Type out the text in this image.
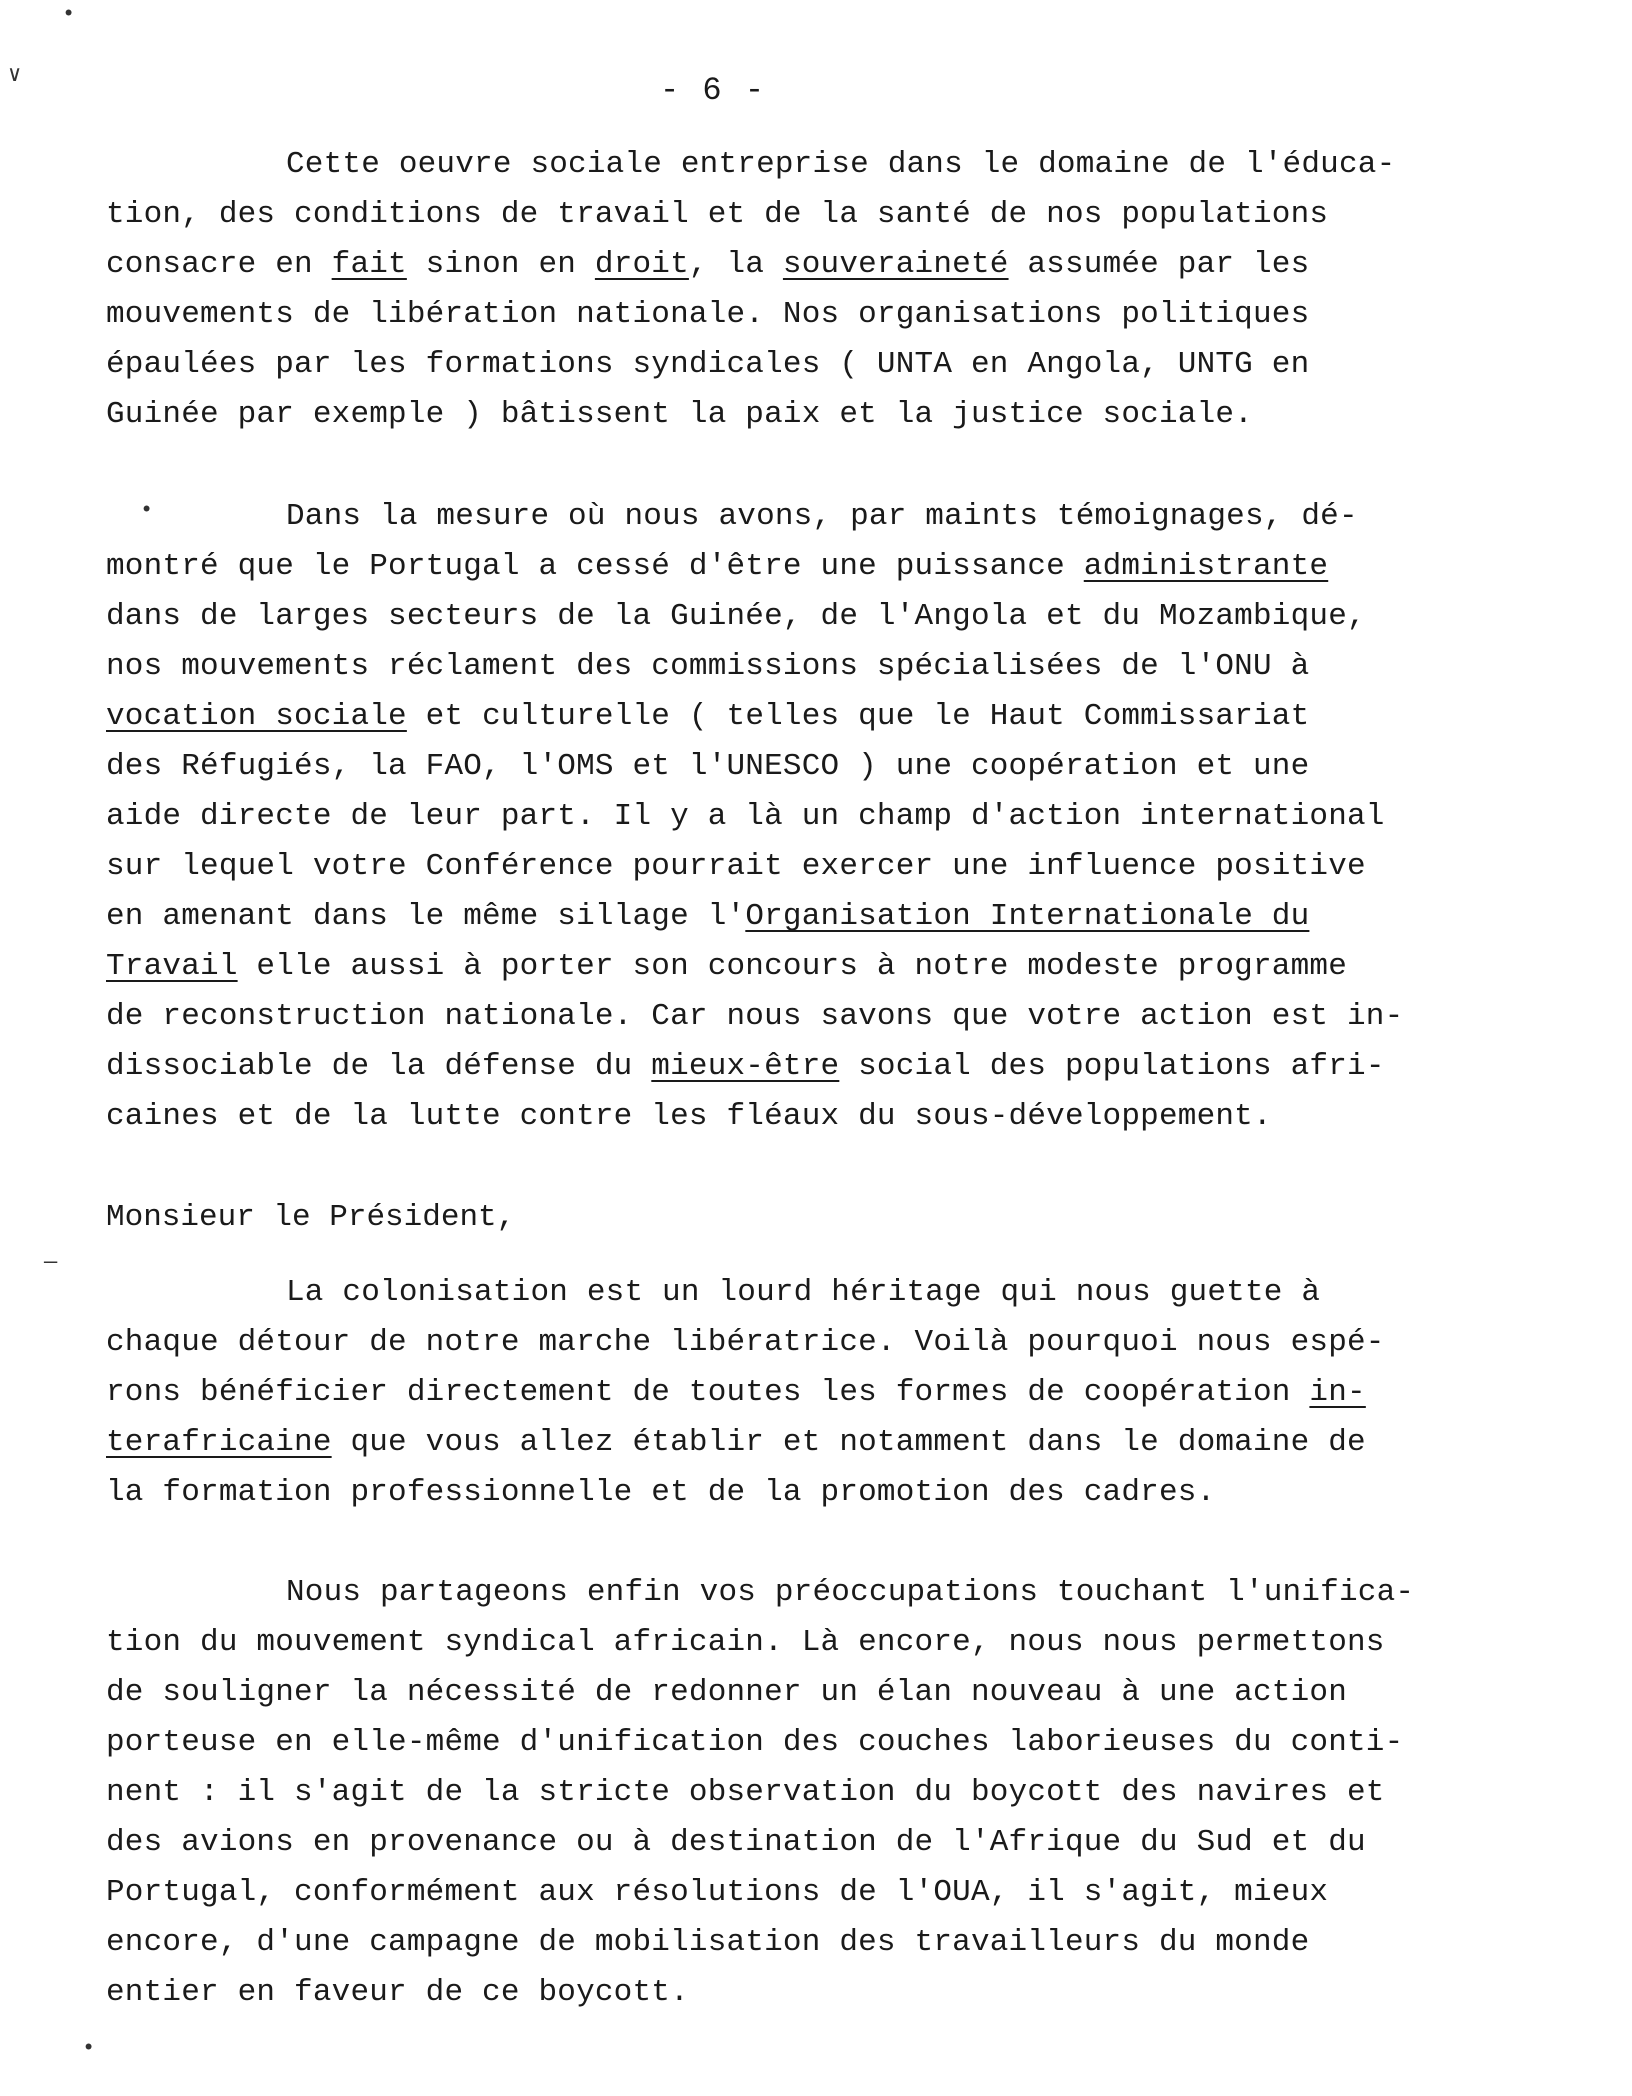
- 6 -
Cette oeuvre sociale entreprise dans le domaine de l'éduca-
tion, des conditions de travail et de la santé de nos populations
consacre en fait sinon en droit, la souveraineté assumée par les
mouvements de libération nationale. Nos organisations politiques
épaulées par les formations syndicales ( UNTA en Angola, UNTG en
Guinée par exemple ) bâtissent la paix et la justice sociale.
Dans la mesure où nous avons, par maints témoignages, dé-
montré que le Portugal a cessé d'être une puissance administrante
dans de larges secteurs de la Guinée, de l'Angola et du Mozambique,
nos mouvements réclament des commissions spécialisées de l'ONU à
vocation sociale et culturelle ( telles que le Haut Commissariat
des Réfugiés, la FAO, l'OMS et l'UNESCO ) une coopération et une
aide directe de leur part. Il y a là un champ d'action international
sur lequel votre Conférence pourrait exercer une influence positive
en amenant dans le même sillage l'Organisation Internationale du
Travail elle aussi à porter son concours à notre modeste programme
de reconstruction nationale. Car nous savons que votre action est in-
dissociable de la défense du mieux-être social des populations afri-
caines et de la lutte contre les fléaux du sous-développement.
Monsieur le Président,
La colonisation est un lourd héritage qui nous guette à
chaque détour de notre marche libératrice. Voilà pourquoi nous espé-
rons bénéficier directement de toutes les formes de coopération in-
terafricaine que vous allez établir et notamment dans le domaine de
la formation professionnelle et de la promotion des cadres.
Nous partageons enfin vos préoccupations touchant l'unifica-
tion du mouvement syndical africain. Là encore, nous nous permettons
de souligner la nécessité de redonner un élan nouveau à une action
porteuse en elle-même d'unification des couches laborieuses du conti-
nent : il s'agit de la stricte observation du boycott des navires et
des avions en provenance ou à destination de l'Afrique du Sud et du
Portugal, conformément aux résolutions de l'OUA, il s'agit, mieux
encore, d'une campagne de mobilisation des travailleurs du monde
entier en faveur de ce boycott.
•
∨
•
―
•
